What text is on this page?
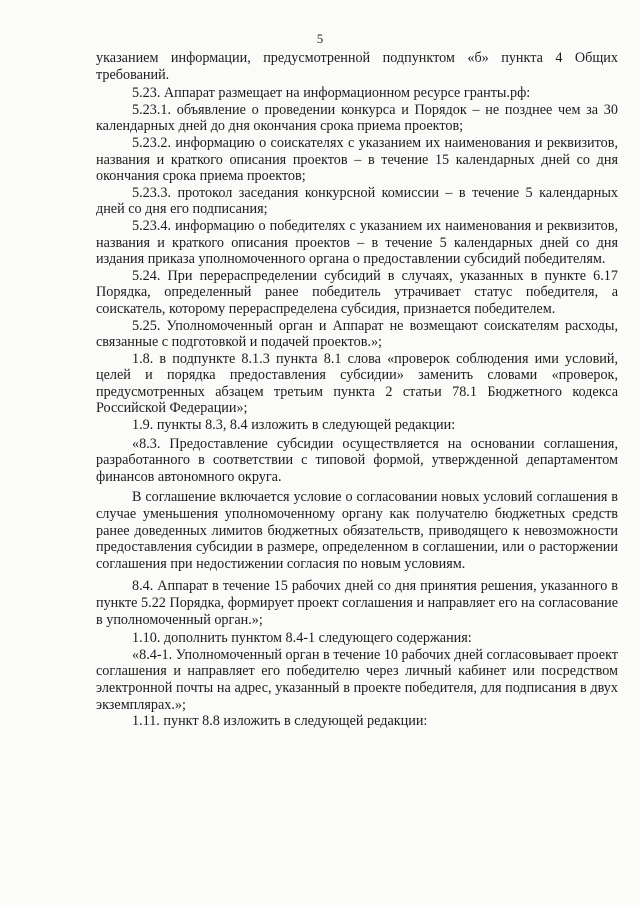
5

указанием информации, предусмотренной подпунктом «б» пункта 4 Общих требований.

5.23. Аппарат размещает на информационном ресурсе гранты.рф:

5.23.1. объявление о проведении конкурса и Порядок – не позднее чем за 30 календарных дней до дня окончания срока приема проектов;

5.23.2. информацию о соискателях с указанием их наименования и реквизитов, названия и краткого описания проектов – в течение 15 календарных дней со дня окончания срока приема проектов;

5.23.3. протокол заседания конкурсной комиссии – в течение 5 календарных дней со дня его подписания;

5.23.4. информацию о победителях с указанием их наименования и реквизитов, названия и краткого описания проектов – в течение 5 календарных дней со дня издания приказа уполномоченного органа о предоставлении субсидий победителям.

5.24. При перераспределении субсидий в случаях, указанных в пункте 6.17 Порядка, определенный ранее победитель утрачивает статус победителя, а соискатель, которому перераспределена субсидия, признается победителем.

5.25. Уполномоченный орган и Аппарат не возмещают соискателям расходы, связанные с подготовкой и подачей проектов.»;

1.8. в подпункте 8.1.3 пункта 8.1 слова «проверок соблюдения ими условий, целей и порядка предоставления субсидии» заменить словами «проверок, предусмотренных абзацем третьим пункта 2 статьи 78.1 Бюджетного кодекса Российской Федерации»;

1.9. пункты 8.3, 8.4 изложить в следующей редакции:

«8.3. Предоставление субсидии осуществляется на основании соглашения, разработанного в соответствии с типовой формой, утвержденной департаментом финансов автономного округа.

В соглашение включается условие о согласовании новых условий соглашения в случае уменьшения уполномоченному органу как получателю бюджетных средств ранее доведенных лимитов бюджетных обязательств, приводящего к невозможности предоставления субсидии в размере, определенном в соглашении, или о расторжении соглашения при недостижении согласия по новым условиям.

8.4. Аппарат в течение 15 рабочих дней со дня принятия решения, указанного в пункте 5.22 Порядка, формирует проект соглашения и направляет его на согласование в уполномоченный орган.»;

1.10. дополнить пунктом 8.4-1 следующего содержания:

«8.4-1. Уполномоченный орган в течение 10 рабочих дней согласовывает проект соглашения и направляет его победителю через личный кабинет или посредством электронной почты на адрес, указанный в проекте победителя, для подписания в двух экземплярах.»;

1.11. пункт 8.8 изложить в следующей редакции:
